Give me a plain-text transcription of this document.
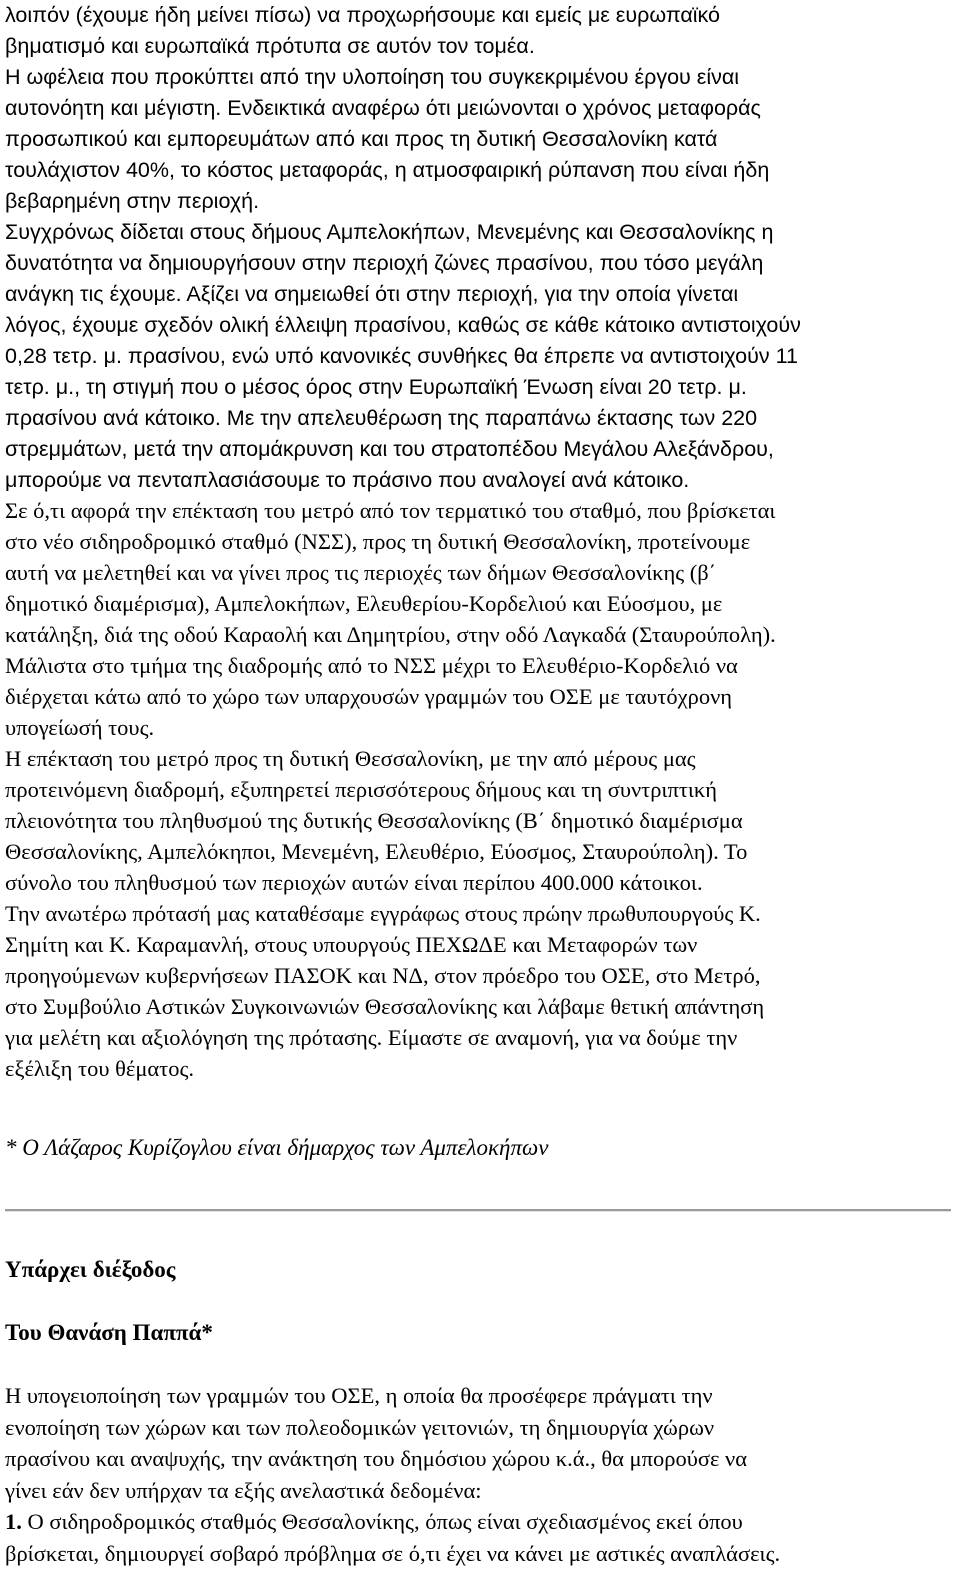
λοιπόν (έχουμε ήδη μείνει πίσω) να προχωρήσουμε και εμείς με ευρωπαϊκό
βηματισμό και ευρωπαϊκά πρότυπα σε αυτόν τον τομέα.
Η ωφέλεια που προκύπτει από την υλοποίηση του συγκεκριμένου έργου είναι
αυτονόητη και μέγιστη. Ενδεικτικά αναφέρω ότι μειώνονται ο χρόνος μεταφοράς
προσωπικού και εμπορευμάτων από και προς τη δυτική Θεσσαλονίκη κατά
τουλάχιστον 40%, το κόστος μεταφοράς, η ατμοσφαιρική ρύπανση που είναι ήδη
βεβαρημένη στην περιοχή.
Συγχρόνως δίδεται στους δήμους Αμπελοκήπων, Μενεμένης και Θεσσαλονίκης η
δυνατότητα να δημιουργήσουν στην περιοχή ζώνες πρασίνου, που τόσο μεγάλη
ανάγκη τις έχουμε. Αξίζει να σημειωθεί ότι στην περιοχή, για την οποία γίνεται
λόγος, έχουμε σχεδόν ολική έλλειψη πρασίνου, καθώς σε κάθε κάτοικο αντιστοιχούν
0,28 τετρ. μ. πρασίνου, ενώ υπό κανονικές συνθήκες θα έπρεπε να αντιστοιχούν 11
τετρ. μ., τη στιγμή που ο μέσος όρος στην Ευρωπαϊκή Ένωση είναι 20 τετρ. μ.
πρασίνου ανά κάτοικο. Με την απελευθέρωση της παραπάνω έκτασης των 220
στρεμμάτων, μετά την απομάκρυνση και του στρατοπέδου Μεγάλου Αλεξάνδρου,
μπορούμε να πενταπλασιάσουμε το πράσινο που αναλογεί ανά κάτοικο.
Σε ό,τι αφορά την επέκταση του μετρό από τον τερματικό του σταθμό, που βρίσκεται
στο νέο σιδηροδρομικό σταθμό (ΝΣΣ), προς τη δυτική Θεσσαλονίκη, προτείνουμε
αυτή να μελετηθεί και να γίνει προς τις περιοχές των δήμων Θεσσαλονίκης (β΄
δημοτικό διαμέρισμα), Αμπελοκήπων, Ελευθερίου-Κορδελιού και Εύοσμου, με
κατάληξη, διά της οδού Καραολή και Δημητρίου, στην οδό Λαγκαδά (Σταυρούπολη).
Μάλιστα στο τμήμα της διαδρομής από το ΝΣΣ μέχρι το Ελευθέριο-Κορδελιό να
διέρχεται κάτω από το χώρο των υπαρχουσών γραμμών του ΟΣΕ με ταυτόχρονη
υπογείωσή τους.
Η επέκταση του μετρό προς τη δυτική Θεσσαλονίκη, με την από μέρους μας
προτεινόμενη διαδρομή, εξυπηρετεί περισσότερους δήμους και τη συντριπτική
πλειονότητα του πληθυσμού της δυτικής Θεσσαλονίκης (Β΄ δημοτικό διαμέρισμα
Θεσσαλονίκης, Αμπελόκηποι, Μενεμένη, Ελευθέριο, Εύοσμος, Σταυρούπολη). Το
σύνολο του πληθυσμού των περιοχών αυτών είναι περίπου 400.000 κάτοικοι.
Την ανωτέρω πρότασή μας καταθέσαμε εγγράφως στους πρώην πρωθυπουργούς Κ.
Σημίτη και Κ. Καραμανλή, στους υπουργούς ΠΕΧΩΔΕ και Μεταφορών των
προηγούμενων κυβερνήσεων ΠΑΣΟΚ και ΝΔ, στον πρόεδρο του ΟΣΕ, στο Μετρό,
στο Συμβούλιο Αστικών Συγκοινωνιών Θεσσαλονίκης και λάβαμε θετική απάντηση
για μελέτη και αξιολόγηση της πρότασης. Είμαστε σε αναμονή, για να δούμε την
εξέλιξη του θέματος.

* Ο Λάζαρος Κυρίζογλου είναι δήμαρχος των Αμπελοκήπων

Υπάρχει διέξοδος
Του Θανάση Παππά*
Η υπογειοποίηση των γραμμών του ΟΣΕ, η οποία θα προσέφερε πράγματι την
ενοποίηση των χώρων και των πολεοδομικών γειτονιών, τη δημιουργία χώρων
πρασίνου και αναψυχής, την ανάκτηση του δημόσιου χώρου κ.ά., θα μπορούσε να
γίνει εάν δεν υπήρχαν τα εξής ανελαστικά δεδομένα:
1. Ο σιδηροδρομικός σταθμός Θεσσαλονίκης, όπως είναι σχεδιασμένος εκεί όπου
βρίσκεται, δημιουργεί σοβαρό πρόβλημα σε ό,τι έχει να κάνει με αστικές αναπλάσεις.
